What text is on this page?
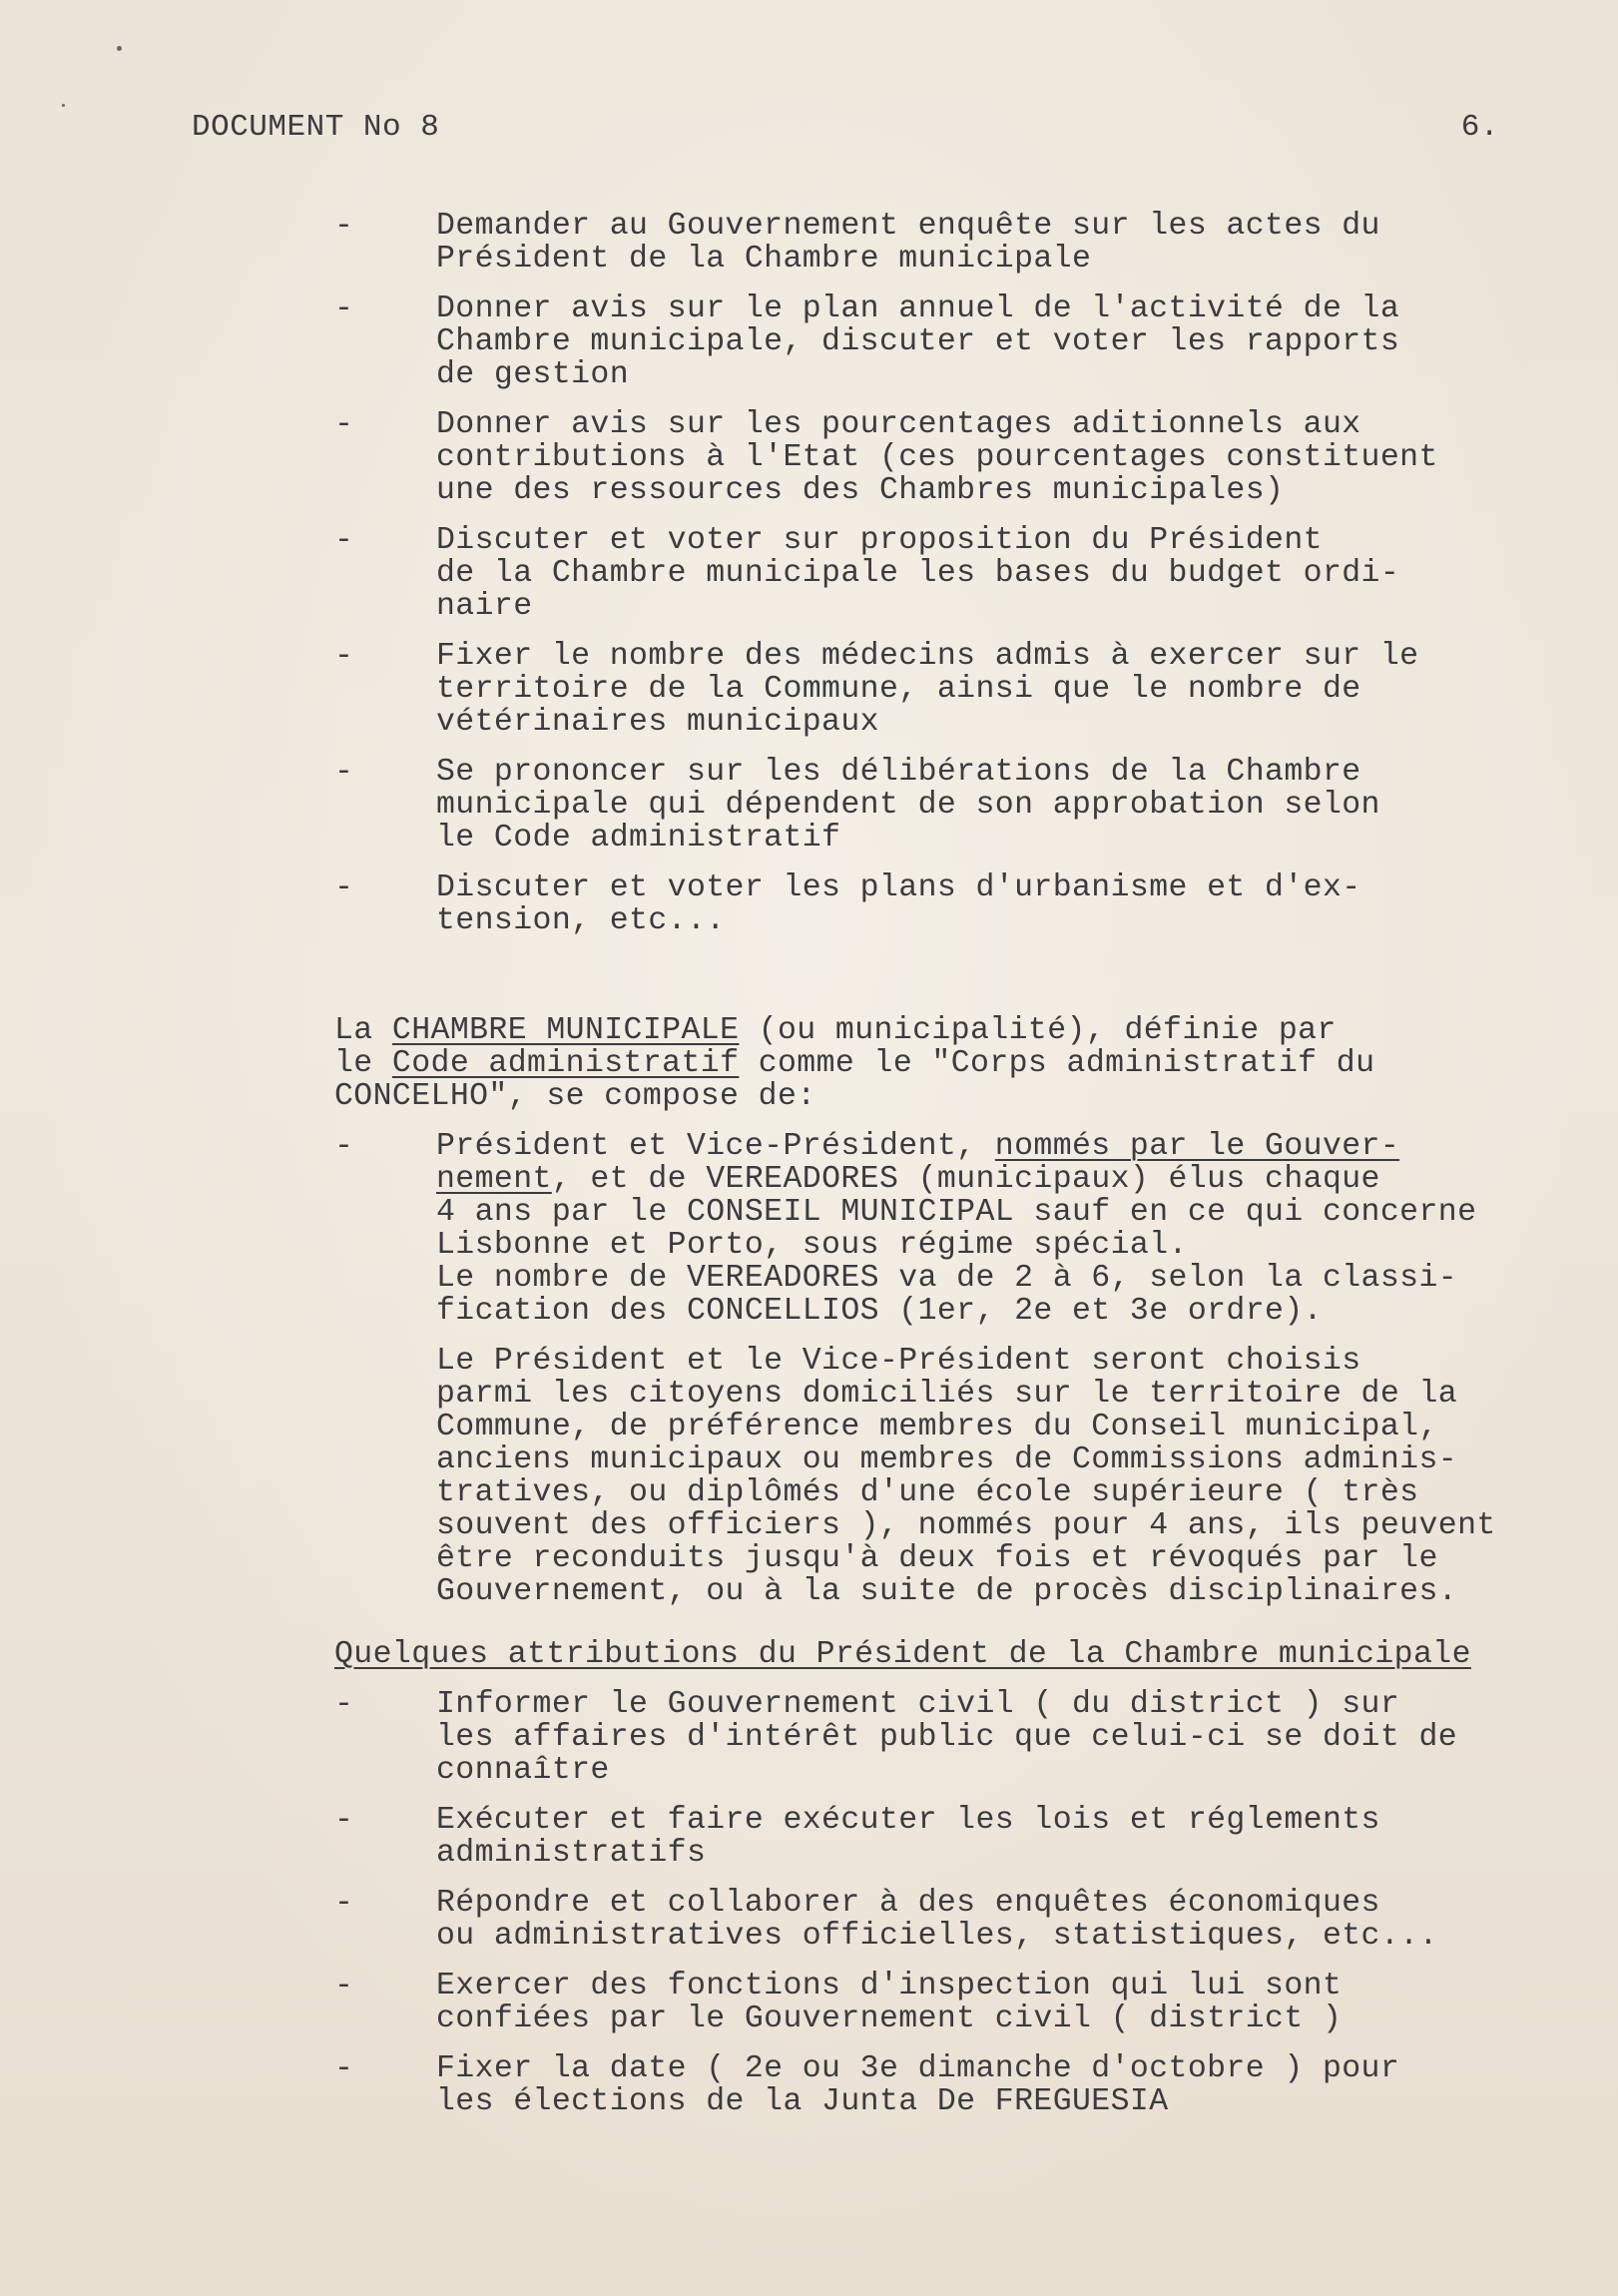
DOCUMENT No 8	6.
-	Demander au Gouvernement enquête sur les actes du
Président de la Chambre municipale
-	Donner avis sur le plan annuel de l'activité de la
Chambre municipale, discuter et voter les rapports
de gestion
-	Donner avis sur les pourcentages aditionnels aux
contributions à l'Etat (ces pourcentages constituent
une des ressources des Chambres municipales)
-	Discuter et voter sur proposition du Président
de la Chambre municipale les bases du budget ordi-
naire
-	Fixer le nombre des médecins admis à exercer sur le
territoire de la Commune, ainsi que le nombre de
vétérinaires municipaux
-	Se prononcer sur les délibérations de la Chambre
municipale qui dépendent de son approbation selon
le Code administratif
-	Discuter et voter les plans d'urbanisme et d'ex-
tension, etc...
La CHAMBRE MUNICIPALE (ou municipalité), définie par
le Code administratif comme le "Corps administratif du
CONCELHO", se compose de:
-	Président et Vice-Président, nommés par le Gouver-
nement, et de VEREADORES (municipaux) élus chaque
4 ans par le CONSEIL MUNICIPAL sauf en ce qui concerne
Lisbonne et Porto, sous régime spécial.
Le nombre de VEREADORES va de 2 à 6, selon la classi-
fication des CONCELLIOS (1er, 2e et 3e ordre).
Le Président et le Vice-Président seront choisis
parmi les citoyens domiciliés sur le territoire de la
Commune, de préférence membres du Conseil municipal,
anciens municipaux ou membres de Commissions adminis-
tratives, ou diplômés d'une école supérieure ( très
souvent des officiers ), nommés pour 4 ans, ils peuvent
être reconduits jusqu'à deux fois et révoqués par le
Gouvernement, ou à la suite de procès disciplinaires.
Quelques attributions du Président de la Chambre municipale
-	Informer le Gouvernement civil ( du district ) sur
les affaires d'intérêt public que celui-ci se doit de
connaître
-	Exécuter et faire exécuter les lois et réglements
administratifs
-	Répondre et collaborer à des enquêtes économiques
ou administratives officielles, statistiques, etc...
-	Exercer des fonctions d'inspection qui lui sont
confiées par le Gouvernement civil ( district )
-	Fixer la date ( 2e ou 3e dimanche d'octobre ) pour
les élections de la Junta De FREGUESIA
